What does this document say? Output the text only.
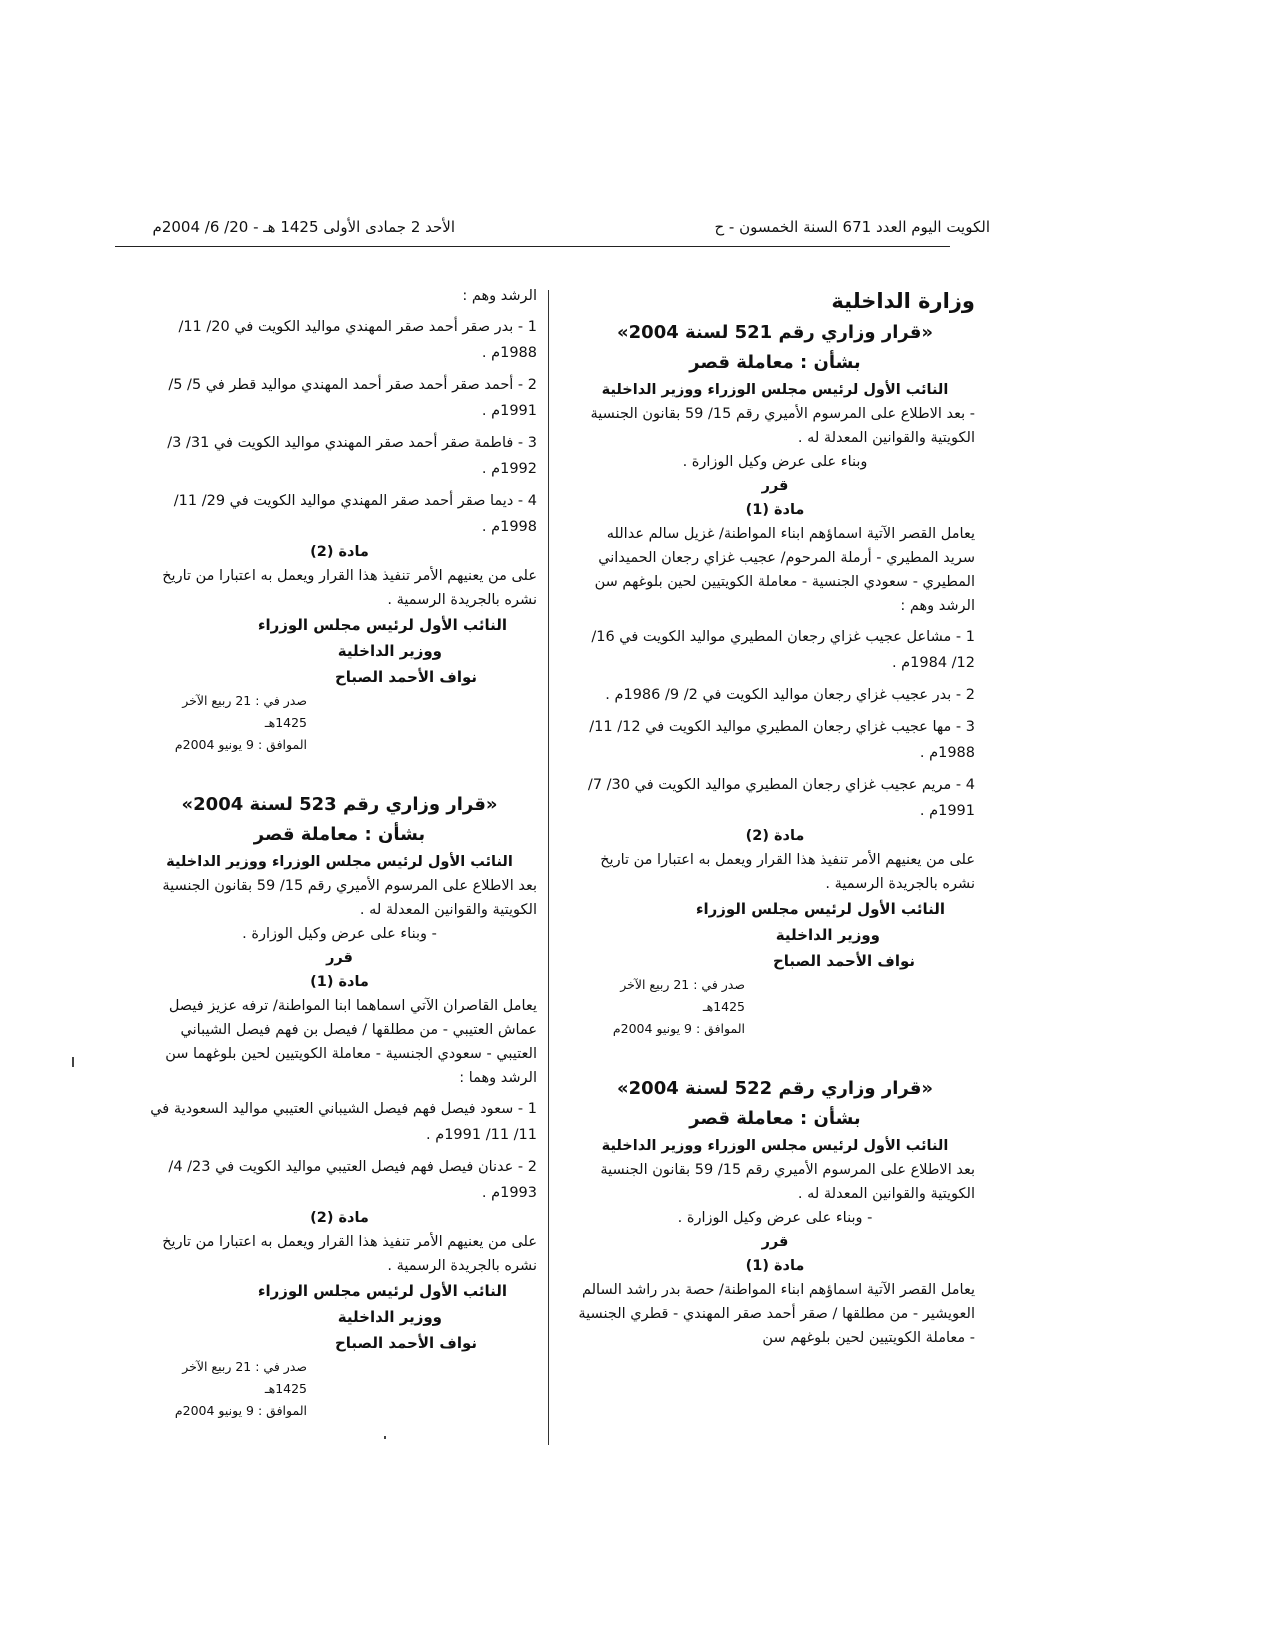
الكويت اليوم العدد 671 السنة الخمسون - ح
الأحد 2 جمادى الأولى 1425 هـ - 20/ 6/ 2004م

وزارة الداخلية

«قرار وزاري رقم 521 لسنة 2004»

بشأن : معاملة قصر

النائب الأول لرئيس مجلس الوزراء ووزير الداخلية

- بعد الاطلاع على المرسوم الأميري رقم 15/ 59 بقانون الجنسية الكويتية والقوانين المعدلة له .

وبناء على عرض وكيل الوزارة .

قرر

مادة (1)

يعامل القصر الآتية اسماؤهم ابناء المواطنة/ غزيل سالم عدالله سريد المطيري - أرملة المرحوم/ عجيب غزاي رجعان الحميداني المطيري - سعودي الجنسية - معاملة الكويتيين لحين بلوغهم سن الرشد وهم :

1 - مشاعل عجيب غزاي رجعان المطيري مواليد الكويت في 16/ 12/ 1984م .

2 - بدر عجيب غزاي رجعان مواليد الكويت في 2/ 9/ 1986م .

3 - مها عجيب غزاي رجعان المطيري مواليد الكويت في 12/ 11/ 1988م .

4 - مريم عجيب غزاي رجعان المطيري مواليد الكويت في 30/ 7/ 1991م .

مادة (2)

على من يعنيهم الأمر تنفيذ هذا القرار ويعمل به اعتبارا من تاريخ نشره بالجريدة الرسمية .

النائب الأول لرئيس مجلس الوزراء

ووزير الداخلية

نواف الأحمد الصباح

صدر في : 21 ربيع الآخر 1425هـ

الموافق : 9 يونيو 2004م

«قرار وزاري رقم 522 لسنة 2004»

بشأن : معاملة قصر

النائب الأول لرئيس مجلس الوزراء ووزير الداخلية

بعد الاطلاع على المرسوم الأميري رقم 15/ 59 بقانون الجنسية الكويتية والقوانين المعدلة له .

- وبناء على عرض وكيل الوزارة .

قرر

مادة (1)

يعامل القصر الآتية اسماؤهم ابناء المواطنة/ حصة بدر راشد السالم العويشير - من مطلقها / صقر أحمد صقر المهندي - قطري الجنسية - معاملة الكويتيين لحين بلوغهم سن

الرشد وهم :

1 - بدر صقر أحمد صقر المهندي مواليد الكويت في 20/ 11/ 1988م .

2 - أحمد صقر أحمد صقر أحمد المهندي مواليد قطر في 5/ 5/ 1991م .

3 - فاطمة صقر أحمد صقر المهندي مواليد الكويت في 31/ 3/ 1992م .

4 - ديما صقر أحمد صقر المهندي مواليد الكويت في 29/ 11/ 1998م .

مادة (2)

على من يعنيهم الأمر تنفيذ هذا القرار ويعمل به اعتبارا من تاريخ نشره بالجريدة الرسمية .

النائب الأول لرئيس مجلس الوزراء

ووزير الداخلية

نواف الأحمد الصباح

صدر في : 21 ربيع الآخر 1425هـ

الموافق : 9 يونيو 2004م

«قرار وزاري رقم 523 لسنة 2004»

بشأن : معاملة قصر

النائب الأول لرئيس مجلس الوزراء ووزير الداخلية

بعد الاطلاع على المرسوم الأميري رقم 15/ 59 بقانون الجنسية الكويتية والقوانين المعدلة له .

- وبناء على عرض وكيل الوزارة .

قرر

مادة (1)

يعامل القاصران الآتي اسماهما ابنا المواطنة/ ترفه عزيز فيصل عماش العتيبي - من مطلقها / فيصل بن فهم فيصل الشيباني العتيبي - سعودي الجنسية - معاملة الكويتيين لحين بلوغهما سن الرشد وهما :

1 - سعود فيصل فهم فيصل الشيباني العتيبي مواليد السعودية في 11/ 11/ 1991م .

2 - عدنان فيصل فهم فيصل العتيبي مواليد الكويت في 23/ 4/ 1993م .

مادة (2)

على من يعنيهم الأمر تنفيذ هذا القرار ويعمل به اعتبارا من تاريخ نشره بالجريدة الرسمية .

النائب الأول لرئيس مجلس الوزراء

ووزير الداخلية

نواف الأحمد الصباح

صدر في : 21 ربيع الآخر 1425هـ

الموافق : 9 يونيو 2004م
